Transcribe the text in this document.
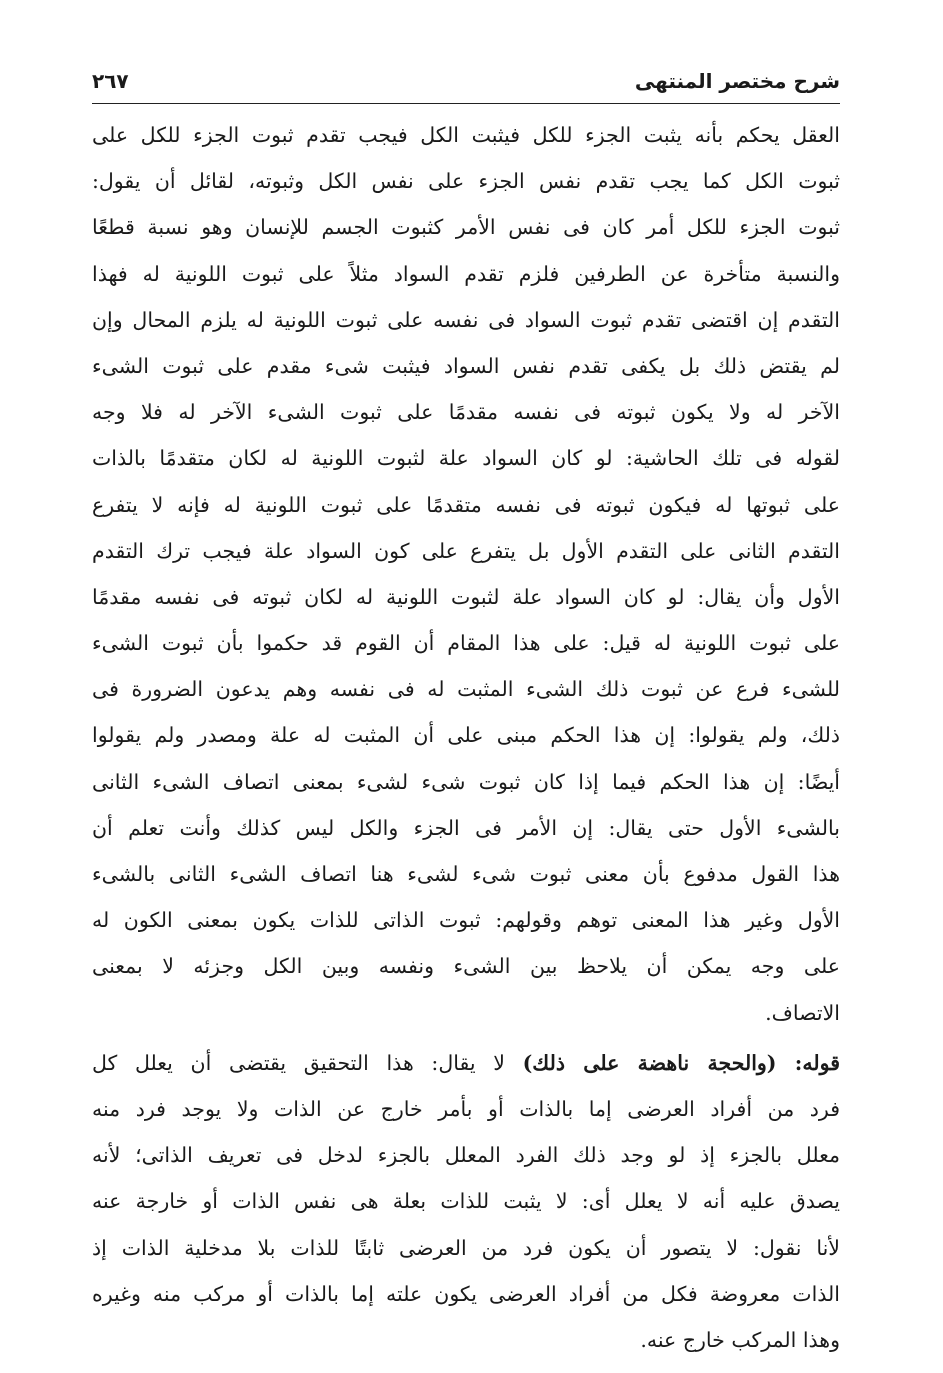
شرح مختصر المنتهى
٢٦٧
العقل يحكم بأنه يثبت الجزء للكل فيثبت الكل فيجب تقدم ثبوت الجزء للكل على
ثبوت الكل كما يجب تقدم نفس الجزء على نفس الكل وثبوته، لقائل أن يقول:
ثبوت الجزء للكل أمر كان فى نفس الأمر كثبوت الجسم للإنسان وهو نسبة قطعًا
والنسبة متأخرة عن الطرفين فلزم تقدم السواد مثلاً على ثبوت اللونية له فهذا
التقدم إن اقتضى تقدم ثبوت السواد فى نفسه على ثبوت اللونية له يلزم المحال وإن
لم يقتض ذلك بل يكفى تقدم نفس السواد فيثبت شىء مقدم على ثبوت الشىء
الآخر له ولا يكون ثبوته فى نفسه مقدمًا على ثبوت الشىء الآخر له فلا وجه
لقوله فى تلك الحاشية: لو كان السواد علة لثبوت اللونية له لكان متقدمًا بالذات
على ثبوتها له فيكون ثبوته فى نفسه متقدمًا على ثبوت اللونية له فإنه لا يتفرع
التقدم الثانى على التقدم الأول بل يتفرع على كون السواد علة فيجب ترك التقدم
الأول وأن يقال: لو كان السواد علة لثبوت اللونية له لكان ثبوته فى نفسه مقدمًا
على ثبوت اللونية له قيل: على هذا المقام أن القوم قد حكموا بأن ثبوت الشىء
للشىء فرع عن ثبوت ذلك الشىء المثبت له فى نفسه وهم يدعون الضرورة فى
ذلك، ولم يقولوا: إن هذا الحكم مبنى على أن المثبت له علة ومصدر ولم يقولوا
أيضًا: إن هذا الحكم فيما إذا كان ثبوت شىء لشىء بمعنى اتصاف الشىء الثانى
بالشىء الأول حتى يقال: إن الأمر فى الجزء والكل ليس كذلك وأنت تعلم أن
هذا القول مدفوع بأن معنى ثبوت شىء لشىء هنا اتصاف الشىء الثانى بالشىء
الأول وغير هذا المعنى توهم وقولهم: ثبوت الذاتى للذات يكون بمعنى الكون له
على وجه يمكن أن يلاحظ بين الشىء ونفسه وبين الكل وجزئه لا بمعنى
الاتصاف.
قوله: (والحجة ناهضة على ذلك) لا يقال: هذا التحقيق يقتضى أن يعلل كل
فرد من أفراد العرضى إما بالذات أو بأمر خارج عن الذات ولا يوجد فرد منه
معلل بالجزء إذ لو وجد ذلك الفرد المعلل بالجزء لدخل فى تعريف الذاتى؛ لأنه
يصدق عليه أنه لا يعلل أى: لا يثبت للذات بعلة هى نفس الذات أو خارجة عنه
لأنا نقول: لا يتصور أن يكون فرد من العرضى ثابتًا للذات بلا مدخلية الذات إذ
الذات معروضة فكل من أفراد العرضى يكون علته إما بالذات أو مركب منه وغيره
وهذا المركب خارج عنه.
